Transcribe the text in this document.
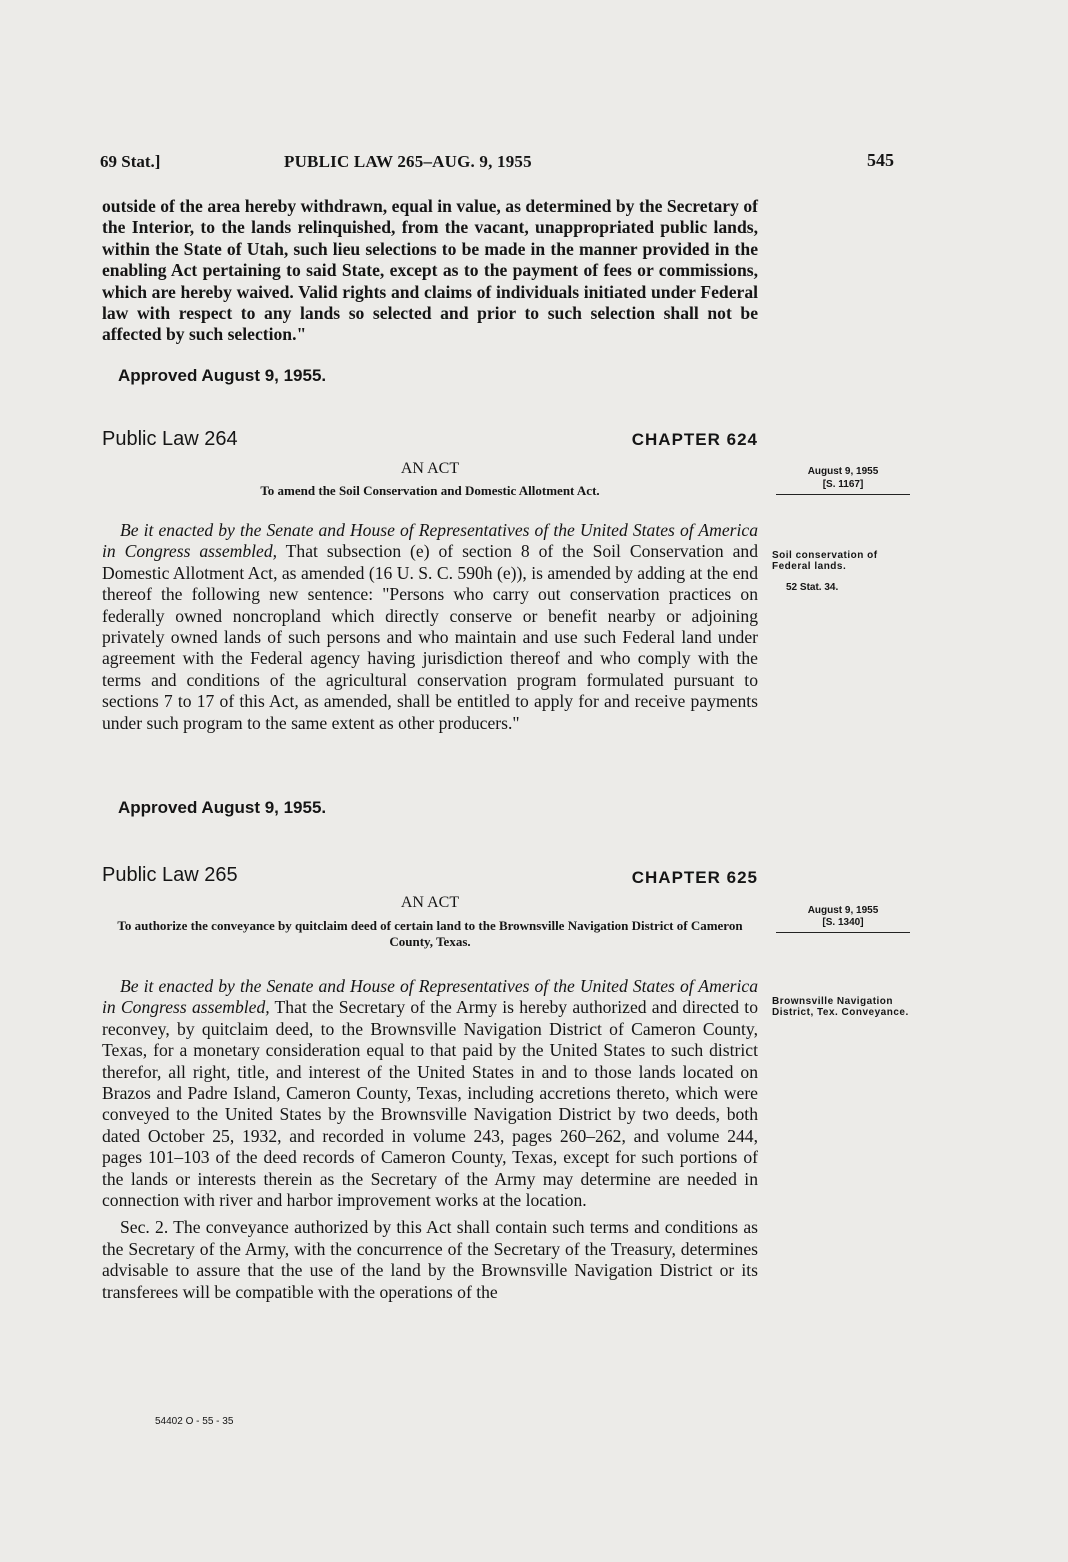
69 Stat.]	PUBLIC LAW 265–AUG. 9, 1955	545
outside of the area hereby withdrawn, equal in value, as determined by the Secretary of the Interior, to the lands relinquished, from the vacant, unappropriated public lands, within the State of Utah, such lieu selections to be made in the manner provided in the enabling Act pertaining to said State, except as to the payment of fees or commissions, which are hereby waived. Valid rights and claims of individuals initiated under Federal law with respect to any lands so selected and prior to such selection shall not be affected by such selection."
Approved August 9, 1955.
Public Law 264	CHAPTER 624
AN ACT
To amend the Soil Conservation and Domestic Allotment Act.
August 9, 1955
[S. 1167]

Be it enacted by the Senate and House of Representatives of the United States of America in Congress assembled, That subsection (e) of section 8 of the Soil Conservation and Domestic Allotment Act, as amended (16 U. S. C. 590h (e)), is amended by adding at the end thereof the following new sentence: "Persons who carry out conservation practices on federally owned noncropland which directly conserve or benefit nearby or adjoining privately owned lands of such persons and who maintain and use such Federal land under agreement with the Federal agency having jurisdiction thereof and who comply with the terms and conditions of the agricultural conservation program formulated pursuant to sections 7 to 17 of this Act, as amended, shall be entitled to apply for and receive payments under such program to the same extent as other producers."

Approved August 9, 1955.
Soil conservation of Federal lands.
52 Stat. 34.
Public Law 265	CHAPTER 625
AN ACT
To authorize the conveyance by quitclaim deed of certain land to the Brownsville Navigation District of Cameron County, Texas.
August 9, 1955
[S. 1340]

Be it enacted by the Senate and House of Representatives of the United States of America in Congress assembled, That the Secretary of the Army is hereby authorized and directed to reconvey, by quitclaim deed, to the Brownsville Navigation District of Cameron County, Texas, for a monetary consideration equal to that paid by the United States to such district therefor, all right, title, and interest of the United States in and to those lands located on Brazos and Padre Island, Cameron County, Texas, including accretions thereto, which were conveyed to the United States by the Brownsville Navigation District by two deeds, both dated October 25, 1932, and recorded in volume 243, pages 260–262, and volume 244, pages 101–103 of the deed records of Cameron County, Texas, except for such portions of the lands or interests therein as the Secretary of the Army may determine are needed in connection with river and harbor improvement works at the location.

Sec. 2. The conveyance authorized by this Act shall contain such terms and conditions as the Secretary of the Army, with the concurrence of the Secretary of the Treasury, determines advisable to assure that the use of the land by the Brownsville Navigation District or its transferees will be compatible with the operations of the

Brownsville Navigation District, Tex. Conveyance.
54402 O - 55 - 35
